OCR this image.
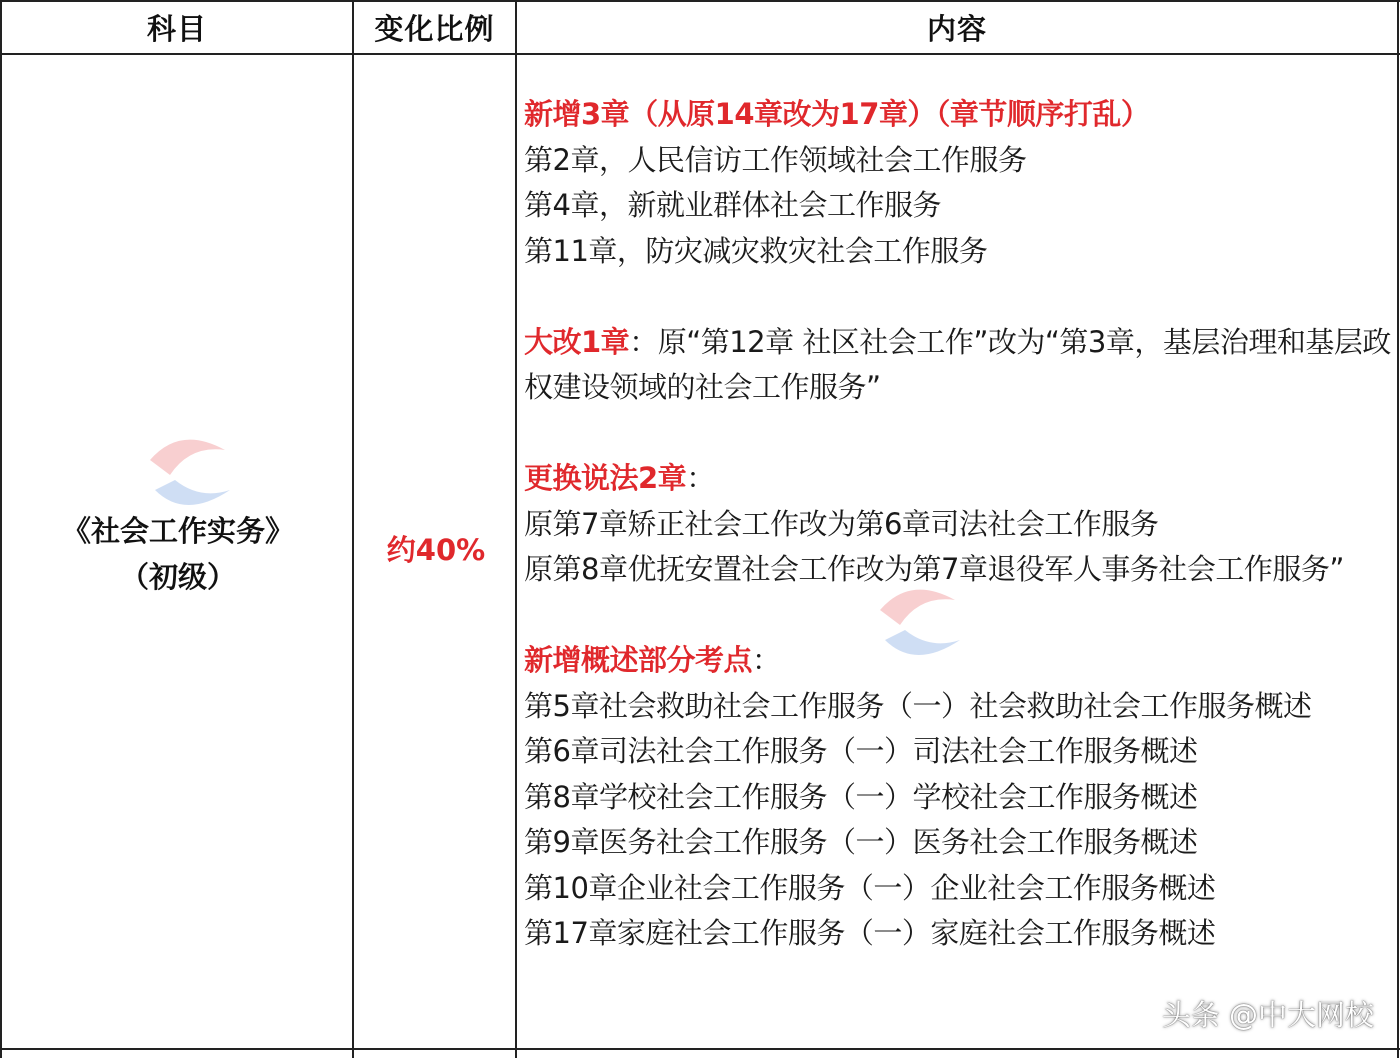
科目	变化比例	内容
《社会工作实务》
（初级）
约40%
新增3章（从原14章改为17章）（章节顺序打乱）
第2章，人民信访工作领域社会工作服务
第4章，新就业群体社会工作服务
第11章，防灾减灾救灾社会工作服务
大改1章：原“第12章 社区社会工作”改为“第3章，基层治理和基层政权建设领域的社会工作服务”
更换说法2章：
原第7章矫正社会工作改为第6章司法社会工作服务
原第8章优抚安置社会工作改为第7章退役军人事务社会工作服务”
新增概述部分考点：
第5章社会救助社会工作服务（一）社会救助社会工作服务概述
第6章司法社会工作服务（一）司法社会工作服务概述
第8章学校社会工作服务（一）学校社会工作服务概述
第9章医务社会工作服务（一）医务社会工作服务概述
第10章企业社会工作服务（一）企业社会工作服务概述
第17章家庭社会工作服务（一）家庭社会工作服务概述
头条 @中大网校
